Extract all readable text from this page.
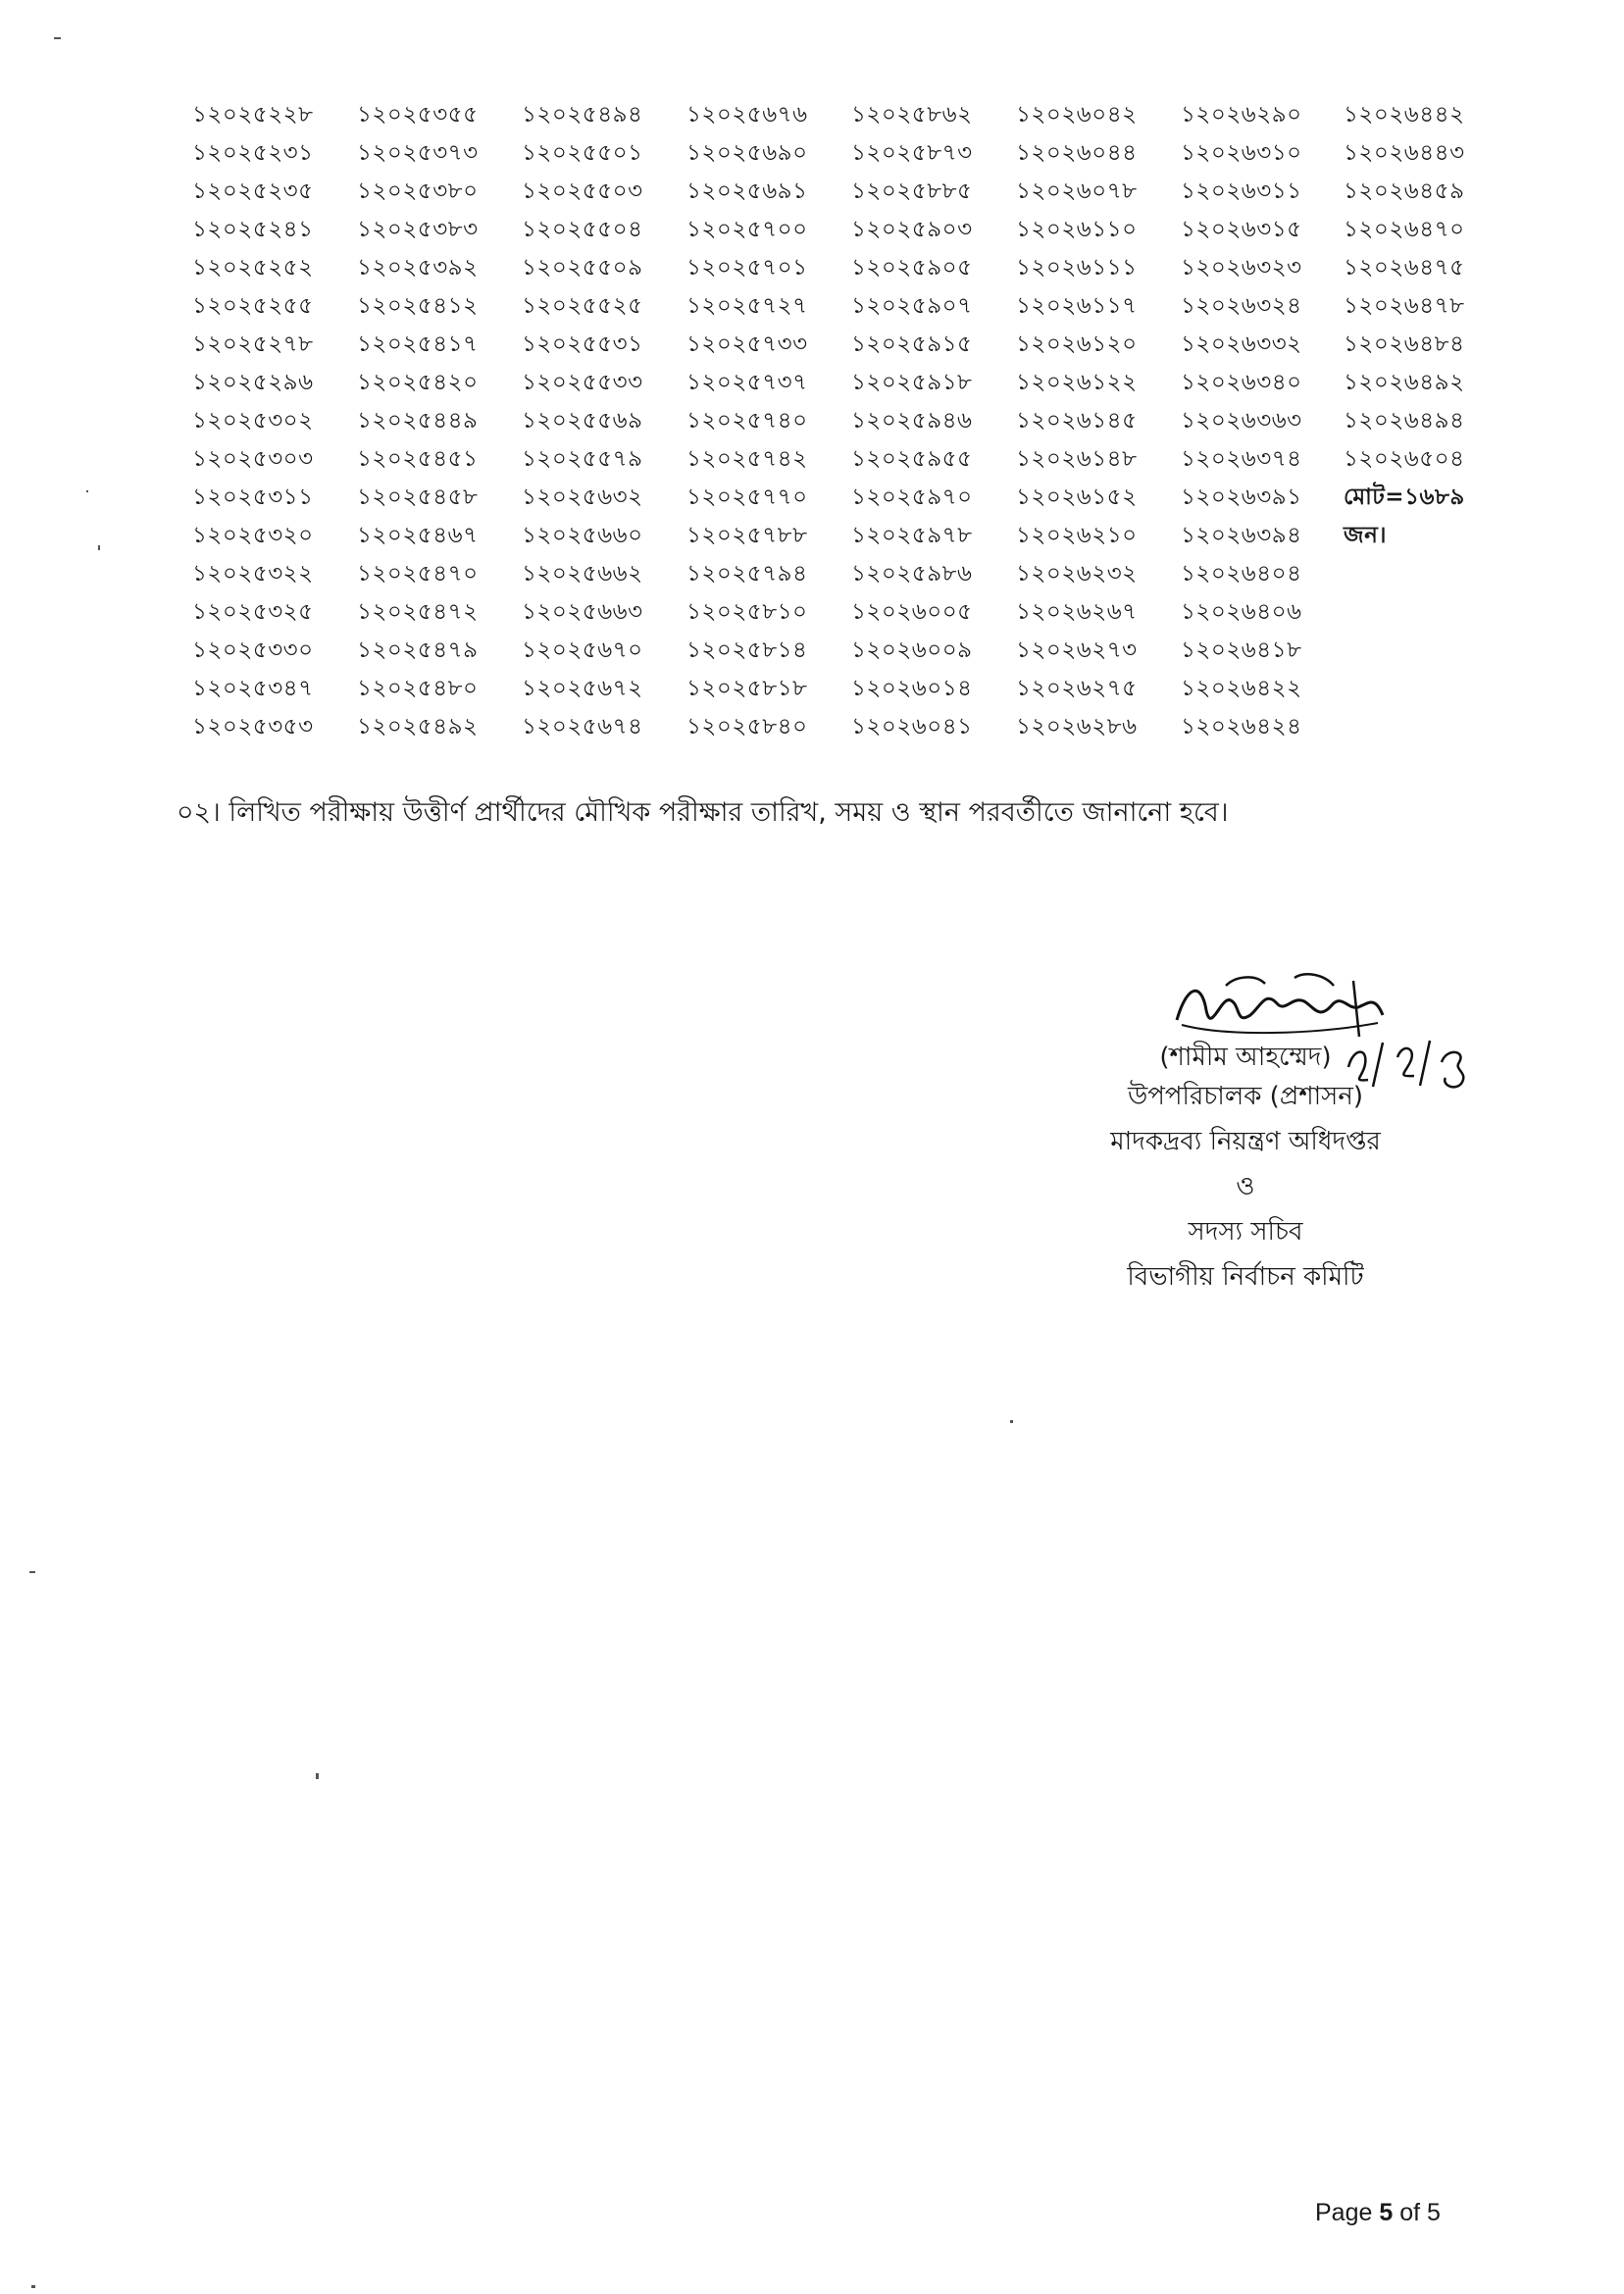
১২০২৫২২৮
১২০২৫২৩১
১২০২৫২৩৫
১২০২৫২৪১
১২০২৫২৫২
১২০২৫২৫৫
১২০২৫২৭৮
১২০২৫২৯৬
১২০২৫৩০২
১২০২৫৩০৩
১২০২৫৩১১
১২০২৫৩২০
১২০২৫৩২২
১২০২৫৩২৫
১২০২৫৩৩০
১২০২৫৩৪৭
১২০২৫৩৫৩
১২০২৫৩৫৫
১২০২৫৩৭৩
১২০২৫৩৮০
১২০২৫৩৮৩
১২০২৫৩৯২
১২০২৫৪১২
১২০২৫৪১৭
১২০২৫৪২০
১২০২৫৪৪৯
১২০২৫৪৫১
১২০২৫৪৫৮
১২০২৫৪৬৭
১২০২৫৪৭০
১২০২৫৪৭২
১২০২৫৪৭৯
১২০২৫৪৮০
১২০২৫৪৯২
১২০২৫৪৯৪
১২০২৫৫০১
১২০২৫৫০৩
১২০২৫৫০৪
১২০২৫৫০৯
১২০২৫৫২৫
১২০২৫৫৩১
১২০২৫৫৩৩
১২০২৫৫৬৯
১২০২৫৫৭৯
১২০২৫৬৩২
১২০২৫৬৬০
১২০২৫৬৬২
১২০২৫৬৬৩
১২০২৫৬৭০
১২০২৫৬৭২
১২০২৫৬৭৪
১২০২৫৬৭৬
১২০২৫৬৯০
১২০২৫৬৯১
১২০২৫৭০০
১২০২৫৭০১
১২০২৫৭২৭
১২০২৫৭৩৩
১২০২৫৭৩৭
১২০২৫৭৪০
১২০২৫৭৪২
১২০২৫৭৭০
১২০২৫৭৮৮
১২০২৫৭৯৪
১২০২৫৮১০
১২০২৫৮১৪
১২০২৫৮১৮
১২০২৫৮৪০
১২০২৫৮৬২
১২০২৫৮৭৩
১২০২৫৮৮৫
১২০২৫৯০৩
১২০২৫৯০৫
১২০২৫৯০৭
১২০২৫৯১৫
১২০২৫৯১৮
১২০২৫৯৪৬
১২০২৫৯৫৫
১২০২৫৯৭০
১২০২৫৯৭৮
১২০২৫৯৮৬
১২০২৬০০৫
১২০২৬০০৯
১২০২৬০১৪
১২০২৬০৪১
১২০২৬০৪২
১২০২৬০৪৪
১২০২৬০৭৮
১২০২৬১১০
১২০২৬১১১
১২০২৬১১৭
১২০২৬১২০
১২০২৬১২২
১২০২৬১৪৫
১২০২৬১৪৮
১২০২৬১৫২
১২০২৬২১০
১২০২৬২৩২
১২০২৬২৬৭
১২০২৬২৭৩
১২০২৬২৭৫
১২০২৬২৮৬
১২০২৬২৯০
১২০২৬৩১০
১২০২৬৩১১
১২০২৬৩১৫
১২০২৬৩২৩
১২০২৬৩২৪
১২০২৬৩৩২
১২০২৬৩৪০
১২০২৬৩৬৩
১২০২৬৩৭৪
১২০২৬৩৯১
১২০২৬৩৯৪
১২০২৬৪০৪
১২০২৬৪০৬
১২০২৬৪১৮
১২০২৬৪২২
১২০২৬৪২৪
১২০২৬৪৪২
১২০২৬৪৪৩
১২০২৬৪৫৯
১২০২৬৪৭০
১২০২৬৪৭৫
১২০২৬৪৭৮
১২০২৬৪৮৪
১২০২৬৪৯২
১২০২৬৪৯৪
১২০২৬৫০৪
মোট=১৬৮৯
জন।
০২। লিখিত পরীক্ষায় উত্তীর্ণ প্রার্থীদের মৌখিক পরীক্ষার তারিখ, সময় ও স্থান পরবর্তীতে জানানো হবে।
(শামীম আহম্মেদ)
উপপরিচালক (প্রশাসন)
মাদকদ্রব্য নিয়ন্ত্রণ অধিদপ্তর
ও
সদস্য সচিব
বিভাগীয় নির্বাচন কমিটি
Page 5 of 5
